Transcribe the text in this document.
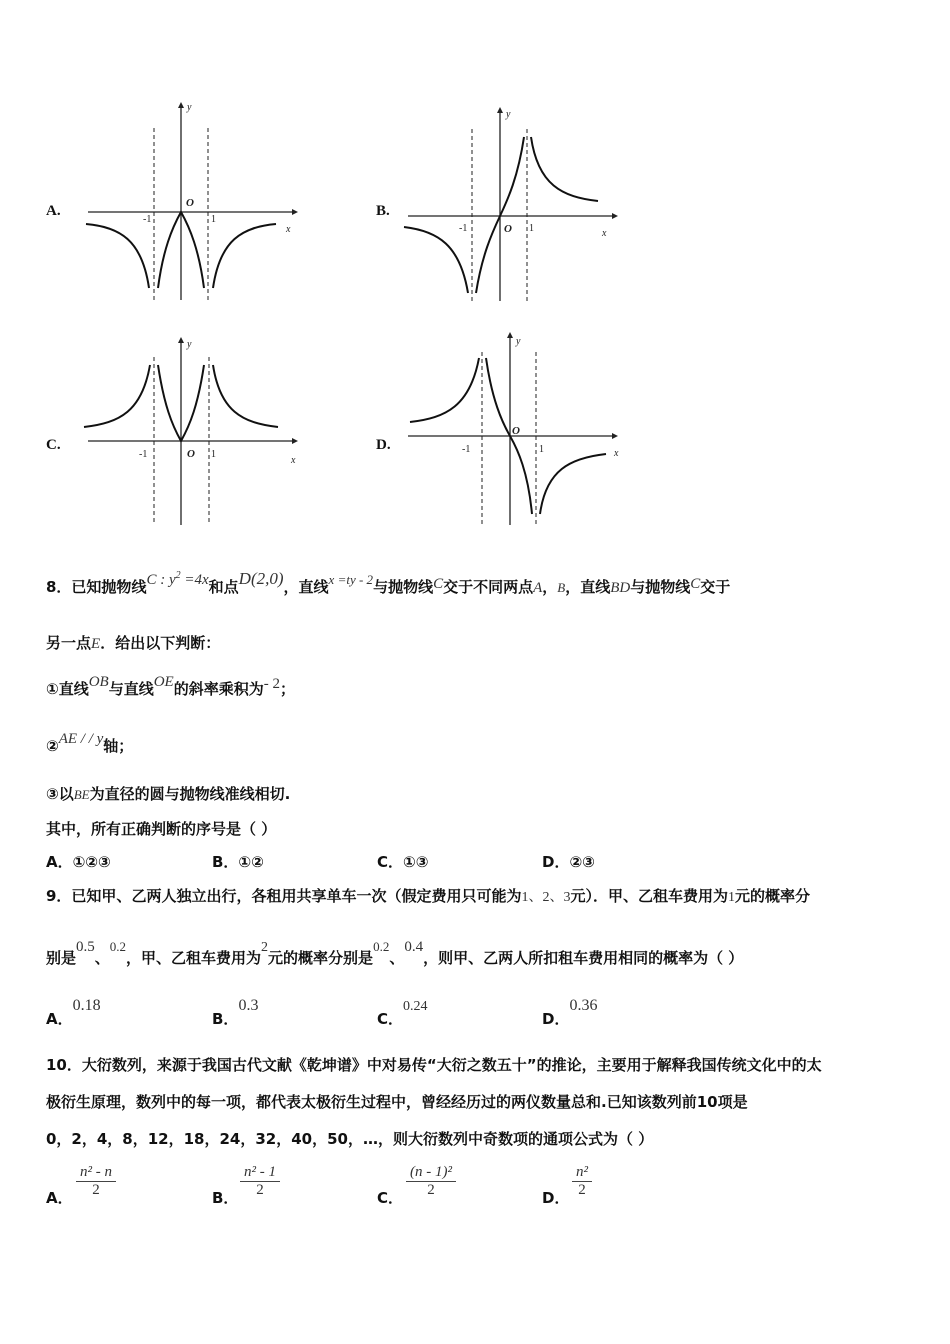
A.	O
-1	1
x
y
B.
O
-1	1	x
y
C.
O
-1	1
x
y
D.
O
-1	1	x
y
8．已知抛物线C : $y^2 =4x$和点D(2,0)，直线x =ty - 2与抛物线C交于不同两点A，B，直线BD与抛物线C交于
另一点E．给出以下判断：
①直线OB与直线OE的斜率乘积为- 2；
②AE / / y轴；
③以BE为直径的圆与抛物线准线相切.
其中，所有正确判断的序号是（ ）
A．①②③	B．①②	C．①③	D．②③
9．已知甲、乙两人独立出行，各租用共享单车一次（假定费用只可能为1、2、3元）．甲、乙租车费用为1元的概率分
别是0.5、0.2，甲、乙租车费用为2元的概率分别是0.2、0.4，则甲、乙两人所扣租车费用相同的概率为（ ）
A．0.18
B．0.3
C．0.24
D．0.36
10．大衍数列，来源于我国古代文献《乾坤谱》中对易传“大衍之数五十”的推论，主要用于解释我国传统文化中的太
极衍生原理，数列中的每一项，都代表太极衍生过程中，曾经经历过的两仪数量总和.已知该数列前10项是
0，2，4，8，12，18，24，32，40，50，…，则大衍数列中奇数项的通项公式为（ ）
A． $\frac{\text{n² - n}}{2}$	B． $\frac{\text{n² - 1}}{2}$	C． $\frac{\text{(n - 1)²}}{2}$	D． $\frac{\text{n²}}{2}$
